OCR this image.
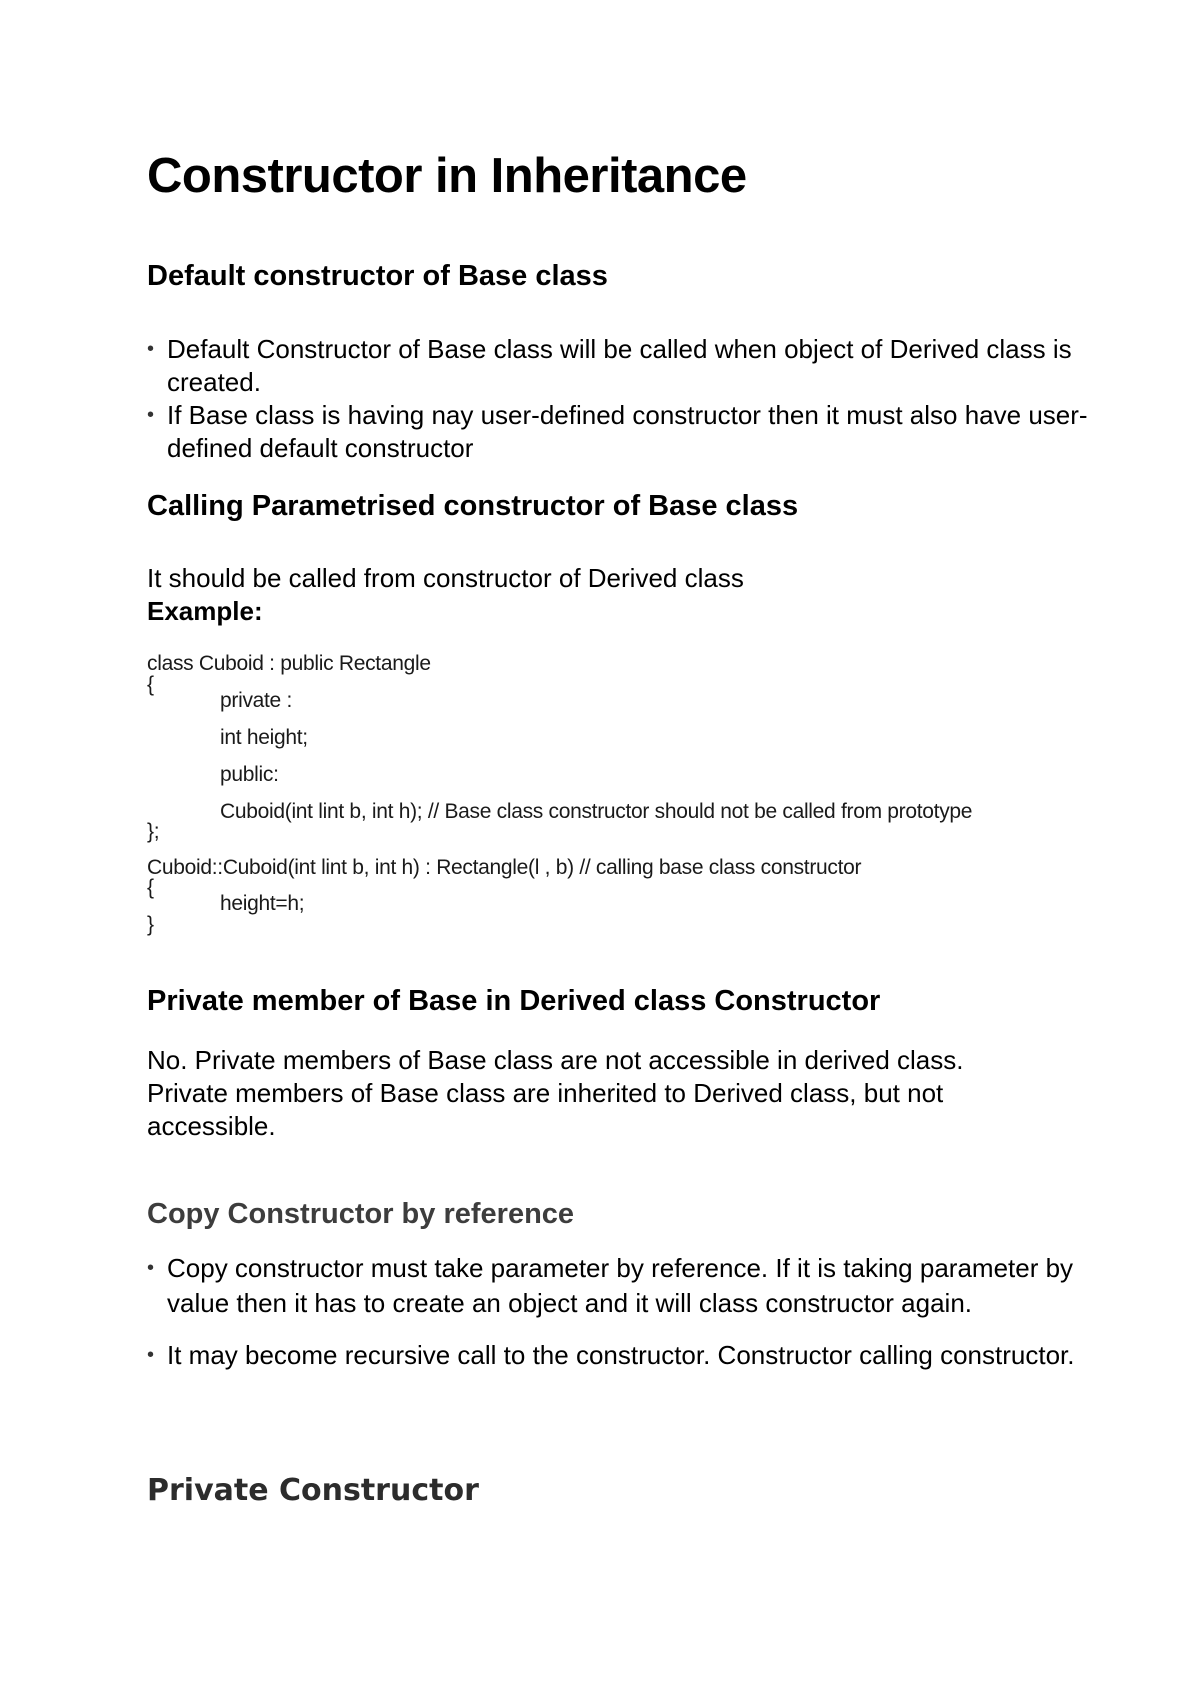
Constructor in Inheritance
Default constructor of Base class
• Default Constructor of Base class will be called when object of Derived class is created.
• If Base class is having nay user-defined constructor then it must also have user-defined default constructor
Calling Parametrised constructor of Base class
It should be called from constructor of Derived class
Example:
class Cuboid : public Rectangle
{
private :
int height;
public:
Cuboid(int lint b, int h); // Base class constructor should not be called from prototype
};
Cuboid::Cuboid(int lint b, int h) : Rectangle(l , b) // calling base class constructor
{
height=h;
}
Private member of Base in Derived class Constructor
No. Private members of Base class are not accessible in derived class.
Private members of Base class are inherited to Derived class, but not
accessible.
Copy Constructor by reference
• Copy constructor must take parameter by reference. If it is taking parameter by value then it has to create an object and it will class constructor again.
• It may become recursive call to the constructor. Constructor calling constructor.
Private Constructor
